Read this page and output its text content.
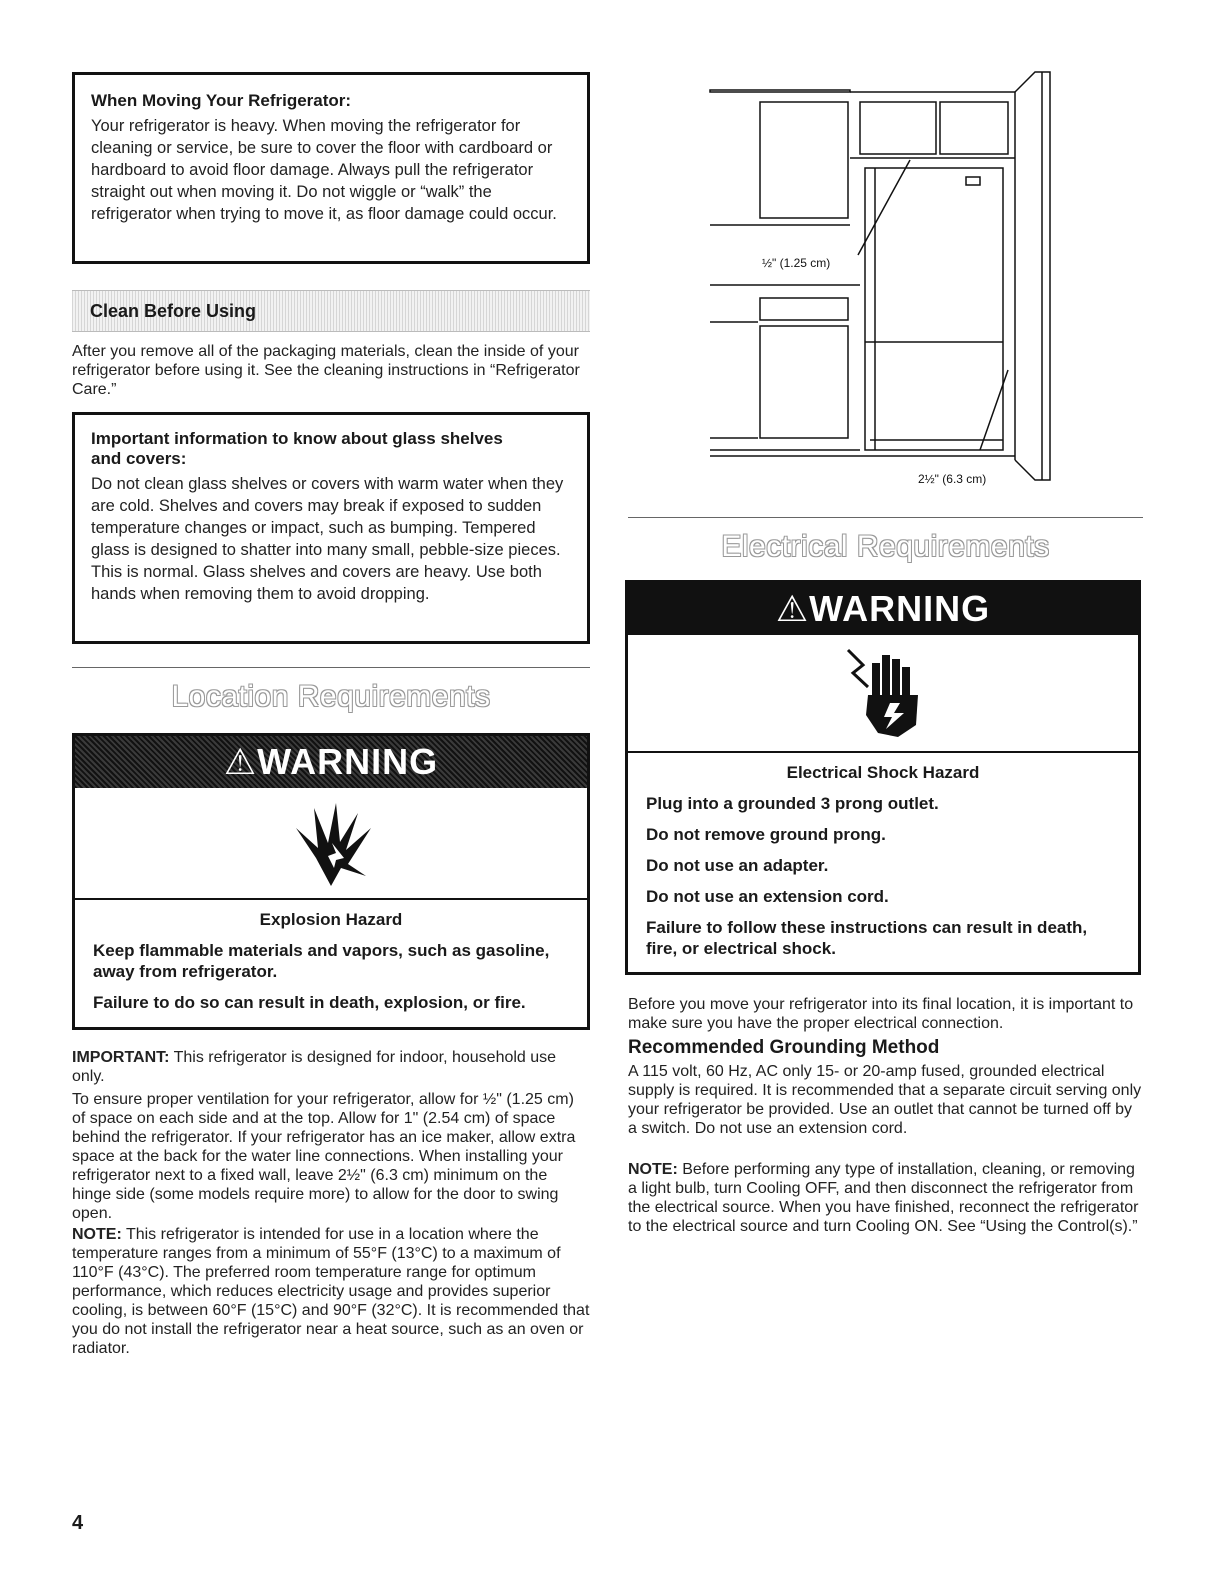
When Moving Your Refrigerator:

Your refrigerator is heavy. When moving the refrigerator for cleaning or service, be sure to cover the floor with cardboard or hardboard to avoid floor damage. Always pull the refrigerator straight out when moving it. Do not wiggle or “walk” the refrigerator when trying to move it, as floor damage could occur.

Clean Before Using

After you remove all of the packaging materials, clean the inside of your refrigerator before using it. See the cleaning instructions in “Refrigerator Care.”

Important information to know about glass shelves and covers:

Do not clean glass shelves or covers with warm water when they are cold. Shelves and covers may break if exposed to sudden temperature changes or impact, such as bumping. Tempered glass is designed to shatter into many small, pebble-size pieces. This is normal. Glass shelves and covers are heavy. Use both hands when removing them to avoid dropping.

Location Requirements
⚠WARNING

Explosion Hazard

Keep flammable materials and vapors, such as gasoline, away from refrigerator.

Failure to do so can result in death, explosion, or fire.

IMPORTANT: This refrigerator is designed for indoor, household use only.

To ensure proper ventilation for your refrigerator, allow for ½" (1.25 cm) of space on each side and at the top. Allow for 1" (2.54 cm) of space behind the refrigerator. If your refrigerator has an ice maker, allow extra space at the back for the water line connections. When installing your refrigerator next to a fixed wall, leave 2½" (6.3 cm) minimum on the hinge side (some models require more) to allow for the door to swing open.

NOTE: This refrigerator is intended for use in a location where the temperature ranges from a minimum of 55°F (13°C) to a maximum of 110°F (43°C). The preferred room temperature range for optimum performance, which reduces electricity usage and provides superior cooling, is between 60°F (15°C) and 90°F (32°C). It is recommended that you do not install the refrigerator near a heat source, such as an oven or radiator.

½" (1.25 cm)
2½" (6.3 cm)
Electrical Requirements
⚠WARNING

Electrical Shock Hazard

Plug into a grounded 3 prong outlet.

Do not remove ground prong.

Do not use an adapter.

Do not use an extension cord.

Failure to follow these instructions can result in death, fire, or electrical shock.

Before you move your refrigerator into its final location, it is important to make sure you have the proper electrical connection.

Recommended Grounding Method

A 115 volt, 60 Hz, AC only 15- or 20-amp fused, grounded electrical supply is required. It is recommended that a separate circuit serving only your refrigerator be provided. Use an outlet that cannot be turned off by a switch. Do not use an extension cord.

NOTE: Before performing any type of installation, cleaning, or removing a light bulb, turn Cooling OFF, and then disconnect the refrigerator from the electrical source. When you have finished, reconnect the refrigerator to the electrical source and turn Cooling ON. See “Using the Control(s).”

4
